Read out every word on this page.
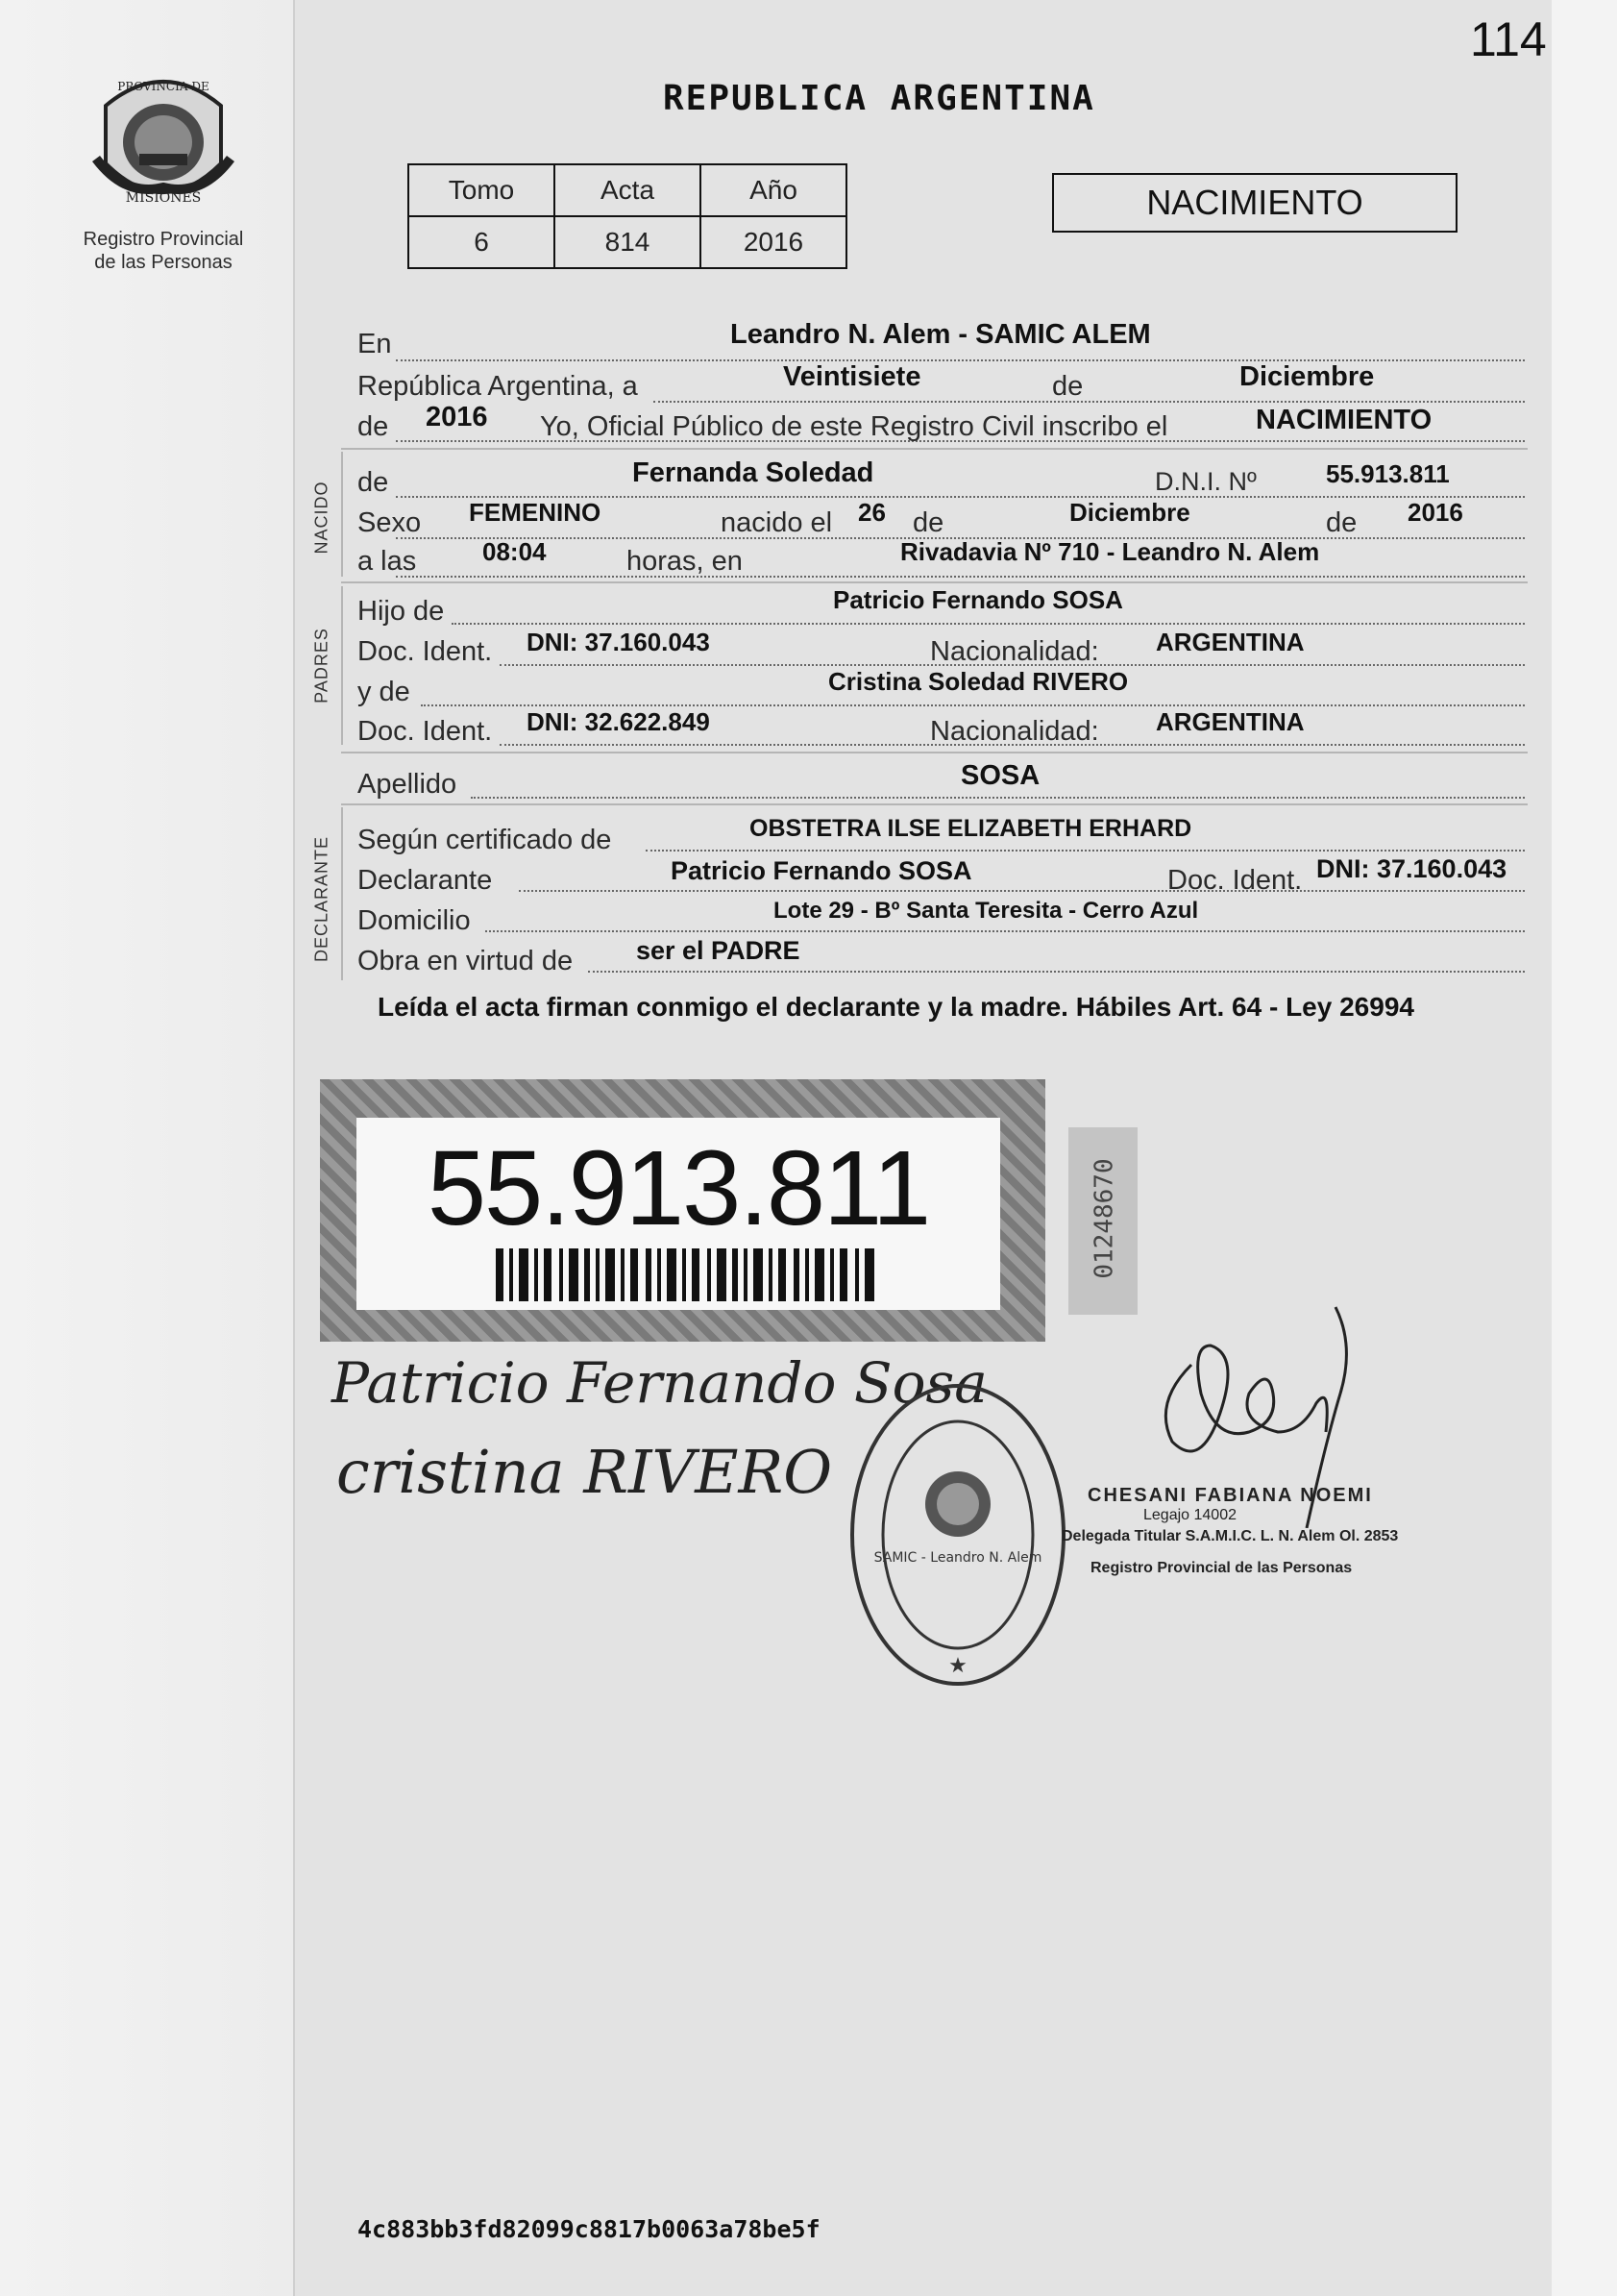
PROVINCIA DE
MISIONES
Registro Provincial
de las Personas
114
REPUBLICA ARGENTINA
Tomo	Acta	Año
6	814	2016
NACIMIENTO
En	Leandro N. Alem - SAMIC ALEM
República Argentina, a	Veintisiete	de	Diciembre
de 2016 Yo, Oficial Público de este Registro Civil inscribo el	NACIMIENTO
NACIDO de	Fernanda Soledad	D.N.I. Nº	55.913.811
Sexo FEMENINO	nacido el 26 de	Diciembre	de 2016
a las	08:04	horas, en	Rivadavia Nº 710 - Leandro N. Alem
PADRES
Hijo de	Patricio Fernando SOSA
Doc. Ident. DNI: 37.160.043	Nacionalidad: ARGENTINA
y de	Cristina Soledad RIVERO
Doc. Ident. DNI: 32.622.849	Nacionalidad: ARGENTINA
Apellido	SOSA
DECLARANTE Según certificado de	OBSTETRA ILSE ELIZABETH ERHARD
Declarante	Patricio Fernando SOSA	Doc. Ident. DNI: 37.160.043
Domicilio	Lote 29 - Bº Santa Teresita - Cerro Azul
Obra en virtud de ser el PADRE
Leída el acta firman conmigo el declarante y la madre. Hábiles Art. 64 - Ley 26994
55.913.811	01248670
Patricio Fernando Sosa
cristina RIVERO
SAMIC - Leandro N. Alem
★
CHESANI FABIANA NOEMI
Legajo 14002
Delegada Titular S.A.M.I.C. L. N. Alem Ol. 2853
Registro Provincial de las Personas
4c883bb3fd82099c8817b0063a78be5f
